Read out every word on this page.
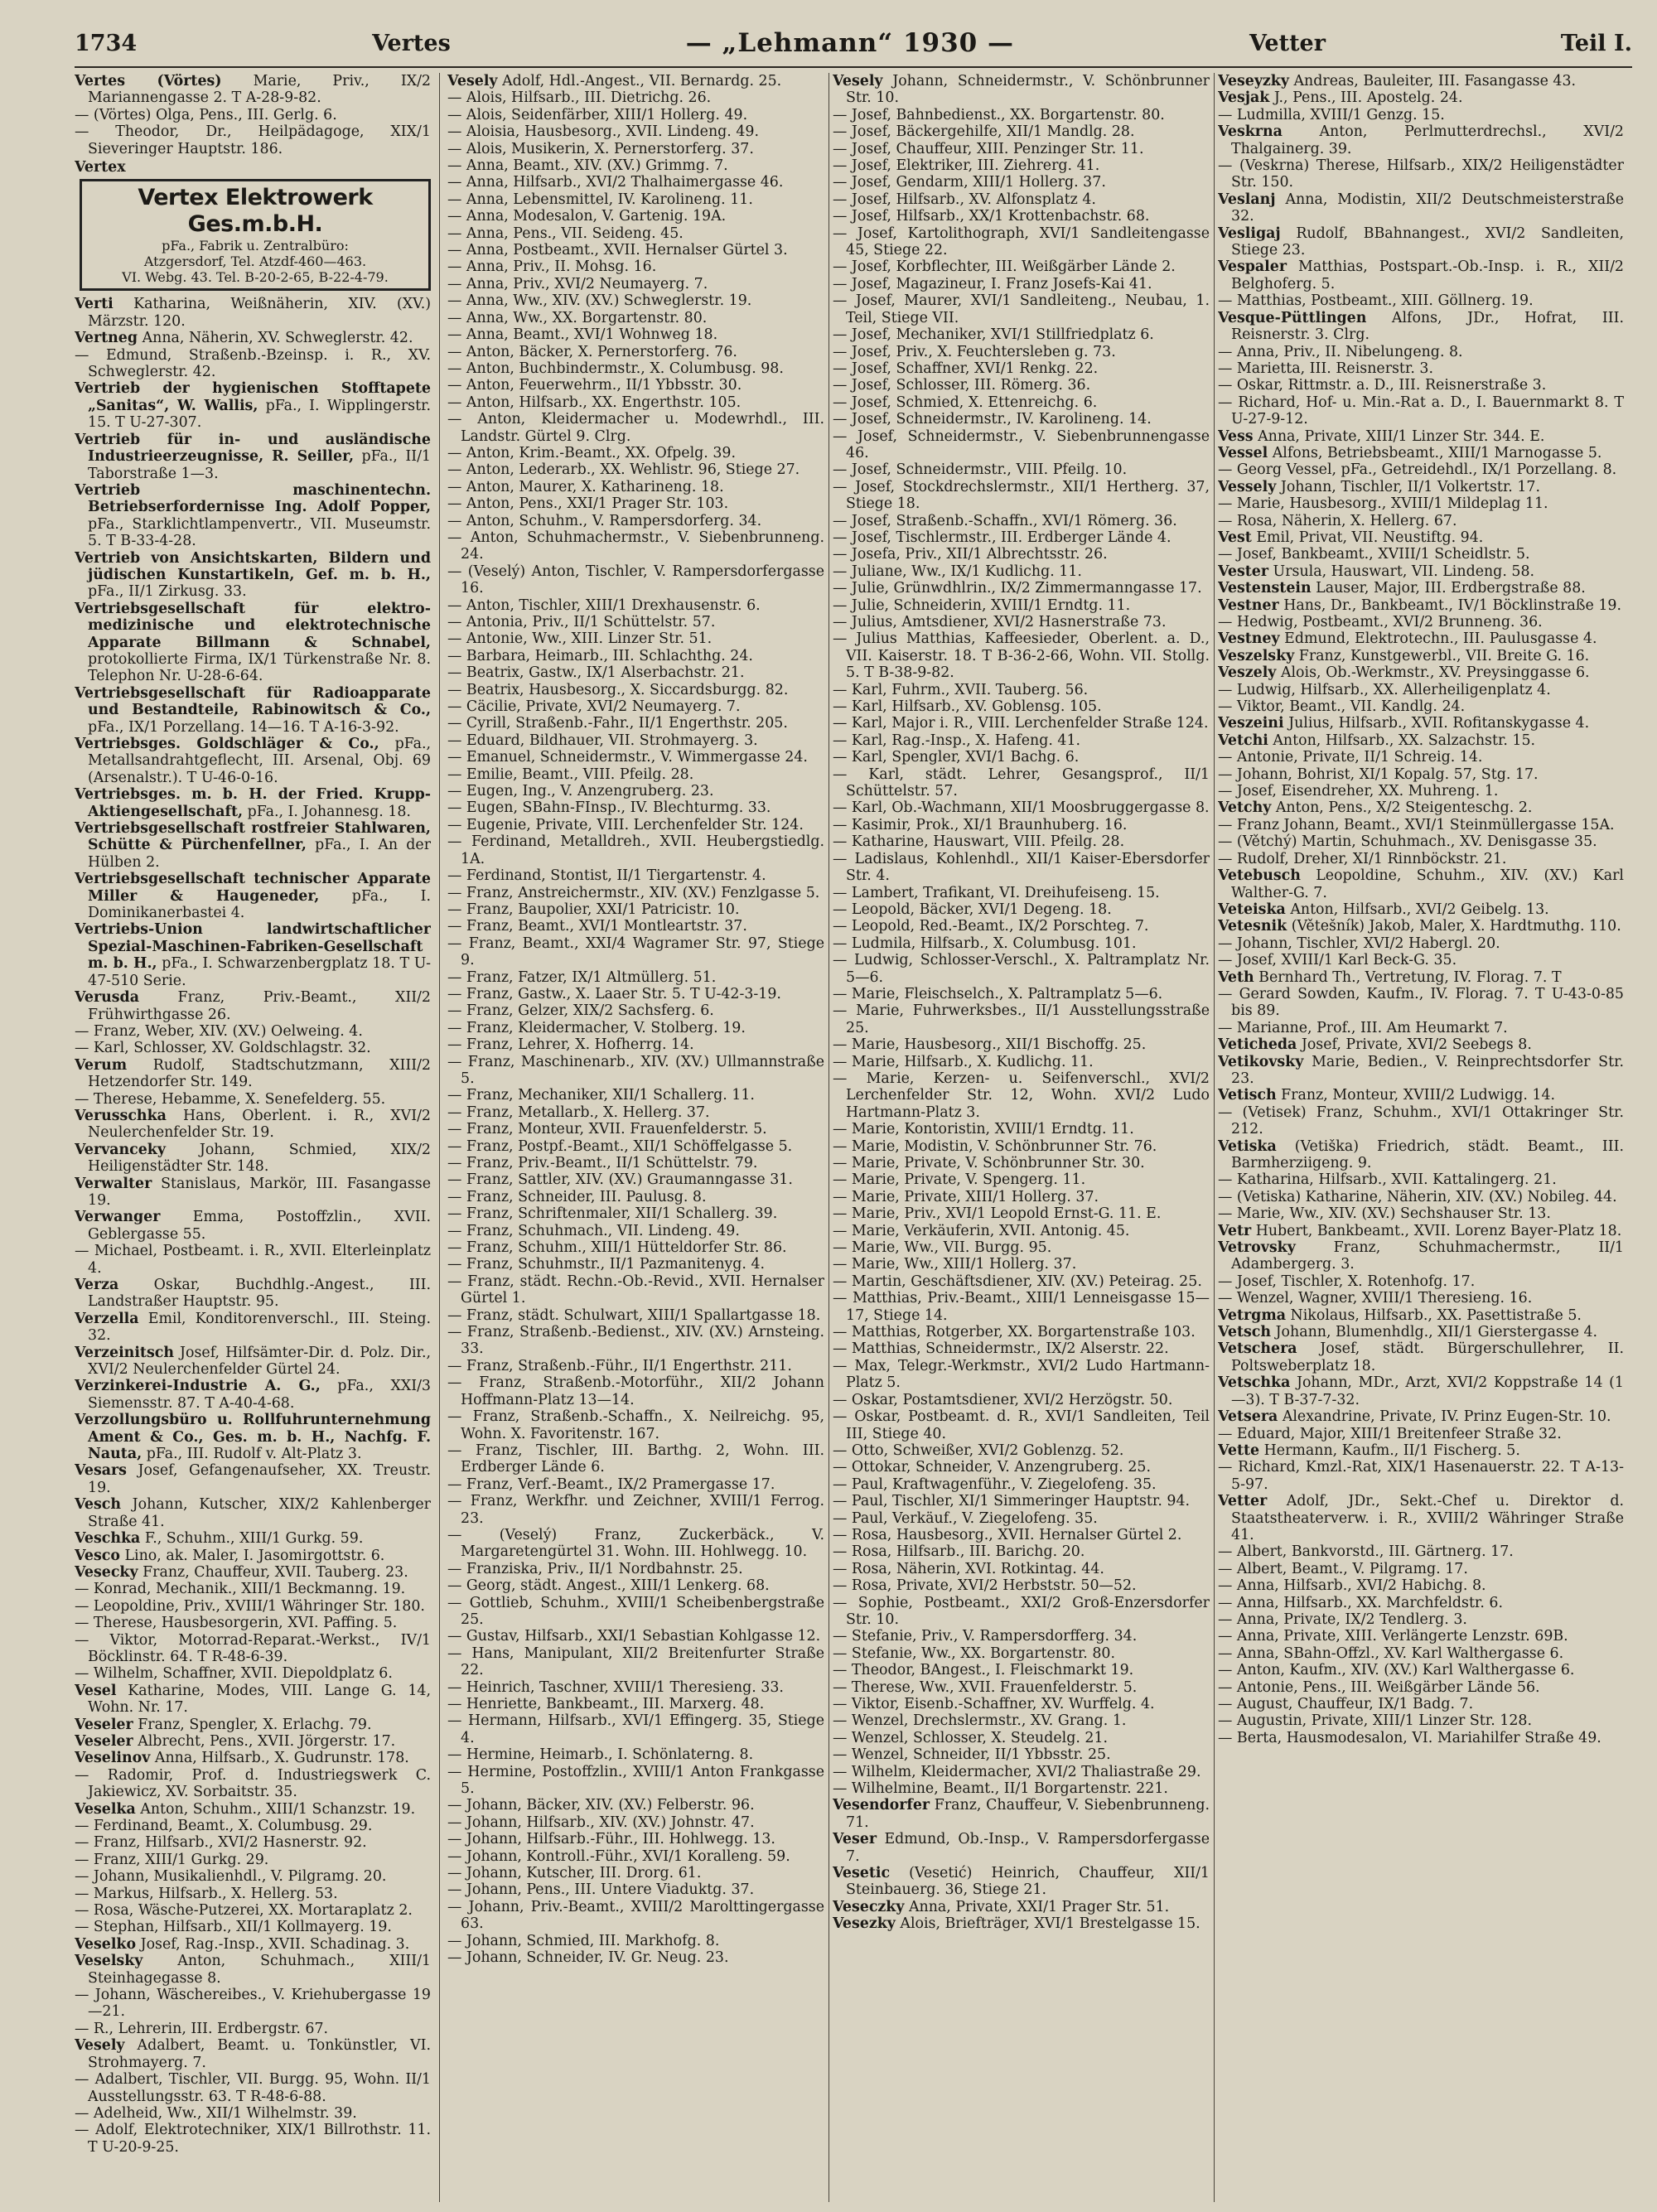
1734	Vertes	— „Lehmann“ 1930 —	Vetter	Teil I.

Vertes (Vörtes) Marie, Priv., IX/2 Mariannengasse 2. T A-28-9-82.

— (Vörtes) Olga, Pens., III. Gerlg. 6.

— Theodor, Dr., Heilpädagoge, XIX/1 Sieveringer Hauptstr. 186.

Vertex
Vertex Elektrowerk Ges.m.b.H.
pFa., Fabrik u. Zentralbüro:
Atzgersdorf, Tel. Atzdf-460—463.
VI. Webg. 43. Tel. B-20-2-65, B-22-4-79.

Verti Katharina, Weißnäherin, XIV. (XV.) Märzstr. 120.

Vertneg Anna, Näherin, XV. Schweglerstr. 42.

— Edmund, Straßenb.-Bzeinsp. i. R., XV. Schweglerstr. 42.

Vertrieb der hygienischen Stofftapete „Sanitas“, W. Wallis, pFa., I. Wipplingerstr. 15. T U-27-307.

Vertrieb für in- und ausländische Industrieerzeugnisse, R. Seiller, pFa., II/1 Taborstraße 1—3.

Vertrieb maschinentechn. Betriebserfordernisse Ing. Adolf Popper, pFa., Starklichtlampenvertr., VII. Museumstr. 5. T B-33-4-28.

Vertrieb von Ansichtskarten, Bildern und jüdischen Kunstartikeln, Gef. m. b. H., pFa., II/1 Zirkusg. 33.

Vertriebsgesellschaft für elektro-medizinische und elektrotechnische Apparate Billmann & Schnabel, protokollierte Firma, IX/1 Türkenstraße Nr. 8. Telephon Nr. U-28-6-64.

Vertriebsgesellschaft für Radioapparate und Bestandteile, Rabinowitsch & Co., pFa., IX/1 Porzellang. 14—16. T A-16-3-92.

Vertriebsges. Goldschläger & Co., pFa., Metallsandrahtgeflecht, III. Arsenal, Obj. 69 (Arsenalstr.). T U-46-0-16.

Vertriebsges. m. b. H. der Fried. Krupp-Aktiengesellschaft, pFa., I. Johannesg. 18.

Vertriebsgesellschaft rostfreier Stahlwaren, Schütte & Pürchenfellner, pFa., I. An der Hülben 2.

Vertriebsgesellschaft technischer Apparate Miller & Haugeneder, pFa., I. Dominikanerbastei 4.

Vertriebs-Union landwirtschaftlicher Spezial-Maschinen-Fabriken-Gesellschaft m. b. H., pFa., I. Schwarzenbergplatz 18. T U-47-510 Serie.

Verusda	Franz, Priv.-Beamt., XII/2 Frühwirthgasse 26.

— Franz, Weber, XIV. (XV.) Oelweing. 4.

— Karl, Schlosser, XV. Goldschlagstr. 32.

Verum Rudolf, Stadtschutzmann, XIII/2 Hetzendorfer Str. 149.

— Therese, Hebamme, X. Senefelderg. 55.

Verusschka Hans, Oberlent. i. R., XVI/2 Neulerchenfelder Str. 19.

Vervanceky Johann, Schmied, XIX/2 Heiligenstädter Str. 148.

Verwalter Stanislaus, Markör, III. Fasangasse 19.

Verwanger Emma, Postoffzlin., XVII. Geblergasse 55.

— Michael, Postbeamt. i. R., XVII. Elterleinplatz 4.

Verza Oskar, Buchdhlg.-Angest., III. Landstraßer Hauptstr. 95.

Verzella Emil, Konditorenverschl., III. Steing. 32.

Verzeinitsch Josef, Hilfsämter-Dir. d. Polz. Dir., XVI/2 Neulerchenfelder Gürtel 24.

Verzinkerei-Industrie A. G., pFa., XXI/3 Siemensstr. 87. T A-40-4-68.

Verzollungsbüro u. Rollfuhrunternehmung Ament & Co., Ges. m. b. H., Nachfg. F. Nauta, pFa., III. Rudolf v. Alt-Platz 3.

Vesars Josef, Gefangenaufseher, XX. Treustr. 19.

Vesch Johann, Kutscher, XIX/2 Kahlenberger Straße 41.

Veschka F., Schuhm., XIII/1 Gurkg. 59.

Vesco Lino, ak. Maler, I. Jasomirgottstr. 6.

Vesecky Franz, Chauffeur, XVII. Tauberg. 23.

— Konrad, Mechanik., XIII/1 Beckmanng. 19.

— Leopoldine, Priv., XVIII/1 Währinger Str. 180.

— Therese, Hausbesorgerin, XVI. Paffing. 5.

— Viktor, Motorrad-Reparat.-Werkst., IV/1 Böcklinstr. 64. T R-48-6-39.

— Wilhelm, Schaffner, XVII. Diepoldplatz 6.

Vesel Katharine, Modes, VIII. Lange G. 14, Wohn. Nr. 17.

Veseler Franz, Spengler, X. Erlachg. 79.

Veseler Albrecht, Pens., XVII. Jörgerstr. 17.

Veselinov Anna, Hilfsarb., X. Gudrunstr. 178.

— Radomir, Prof. d. Industriegswerk C. Jakiewicz, XV. Sorbaitstr. 35.

Veselka Anton, Schuhm., XIII/1 Schanzstr. 19.

— Ferdinand, Beamt., X. Columbusg. 29.

— Franz, Hilfsarb., XVI/2 Hasnerstr. 92.

— Franz, XIII/1 Gurkg. 29.

— Johann, Musikalienhdl., V. Pilgramg. 20.

— Markus, Hilfsarb., X. Hellerg. 53.

— Rosa, Wäsche-Putzerei, XX. Mortaraplatz 2.

— Stephan, Hilfsarb., XII/1 Kollmayerg. 19.

Veselko Josef, Rag.-Insp., XVII. Schadinag. 3.

Veselsky Anton, Schuhmach., XIII/1 Steinhagegasse 8.

— Johann, Wäschereibes., V. Kriehubergasse 19—21.

— R., Lehrerin, III. Erdbergstr. 67.

Vesely Adalbert, Beamt. u. Tonkünstler, VI. Strohmayerg. 7.

— Adalbert, Tischler, VII. Burgg. 95, Wohn. II/1 Ausstellungsstr. 63. T R-48-6-88.

— Adelheid, Ww., XII/1 Wilhelmstr. 39.

— Adolf, Elektrotechniker, XIX/1 Billrothstr. 11. T U-20-9-25.

Vesely Adolf, Hdl.-Angest., VII. Bernardg. 25.

— Alois, Hilfsarb., III. Dietrichg. 26.

— Alois, Seidenfärber, XIII/1 Hollerg. 49.

— Aloisia, Hausbesorg., XVII. Lindeng. 49.

— Alois, Musikerin, X. Pernerstorferg. 37.

— Anna, Beamt., XIV. (XV.) Grimmg. 7.

— Anna, Hilfsarb., XVI/2 Thalhaimergasse 46.

— Anna, Lebensmittel, IV. Karolineng. 11.

— Anna, Modesalon, V. Gartenig. 19A.

— Anna, Pens., VII. Seideng. 45.

— Anna, Postbeamt., XVII. Hernalser Gürtel 3.

— Anna, Priv., II. Mohsg. 16.

— Anna, Priv., XVI/2 Neumayerg. 7.

— Anna, Ww., XIV. (XV.) Schweglerstr. 19.

— Anna, Ww., XX. Borgartenstr. 80.

— Anna, Beamt., XVI/1 Wohnweg 18.

— Anton, Bäcker, X. Pernerstorferg. 76.

— Anton, Buchbindermstr., X. Columbusg. 98.

— Anton, Feuerwehrm., II/1 Ybbsstr. 30.

— Anton, Hilfsarb., XX. Engerthstr. 105.

— Anton, Kleidermacher u. Modewrhdl., III. Landstr. Gürtel 9. Clrg.

— Anton, Krim.-Beamt., XX. Ofpelg. 39.

— Anton, Lederarb., XX. Wehlistr. 96, Stiege 27.

— Anton, Maurer, X. Katharineng. 18.

— Anton, Pens., XXI/1 Prager Str. 103.

— Anton, Schuhm., V. Rampersdorferg. 34.

— Anton, Schuhmachermstr., V. Siebenbrunneng. 24.

— (Veselý) Anton, Tischler, V. Rampersdorfergasse 16.

— Anton, Tischler, XIII/1 Drexhausenstr. 6.

— Antonia, Priv., II/1 Schüttelstr. 57.

— Antonie, Ww., XIII. Linzer Str. 51.

— Barbara, Heimarb., III. Schlachthg. 24.

— Beatrix, Gastw., IX/1 Alserbachstr. 21.

— Beatrix, Hausbesorg., X. Siccardsburgg. 82.

— Cäcilie, Private, XVI/2 Neumayerg. 7.

— Cyrill, Straßenb.-Fahr., II/1 Engerthstr. 205.

— Eduard, Bildhauer, VII. Strohmayerg. 3.

— Emanuel, Schneidermstr., V. Wimmergasse 24.

— Emilie, Beamt., VIII. Pfeilg. 28.

— Eugen, Ing., V. Anzengruberg. 23.

— Eugen, SBahn-FInsp., IV. Blechturmg. 33.

— Eugenie, Private, VIII. Lerchenfelder Str. 124.

— Ferdinand, Metalldreh., XVII. Heubergstiedlg. 1A.

— Ferdinand, Stontist, II/1 Tiergartenstr. 4.

— Franz, Anstreichermstr., XIV. (XV.) Fenzlgasse 5.

— Franz, Baupolier, XXI/1 Patricistr. 10.

— Franz, Beamt., XVI/1 Montleartstr. 37.

— Franz, Beamt., XXI/4 Wagramer Str. 97, Stiege 9.

— Franz, Fatzer, IX/1 Altmüllerg. 51.

— Franz, Gastw., X. Laaer Str. 5. T U-42-3-19.

— Franz, Gelzer, XIX/2 Sachsferg. 6.

— Franz, Kleidermacher, V. Stolberg. 19.

— Franz, Lehrer, X. Hofherrg. 14.

— Franz, Maschinenarb., XIV. (XV.) Ullmannstraße 5.

— Franz, Mechaniker, XII/1 Schallerg. 11.

— Franz, Metallarb., X. Hellerg. 37.

— Franz, Monteur, XVII. Frauenfelderstr. 5.

— Franz, Postpf.-Beamt., XII/1 Schöffelgasse 5.

— Franz, Priv.-Beamt., II/1 Schüttelstr. 79.

— Franz, Sattler, XIV. (XV.) Graumanngasse 31.

— Franz, Schneider, III. Paulusg. 8.

— Franz, Schriftenmaler, XII/1 Schallerg. 39.

— Franz, Schuhmach., VII. Lindeng. 49.

— Franz, Schuhm., XIII/1 Hütteldorfer Str. 86.

— Franz, Schuhmstr., II/1 Pazmanitenyg. 4.

— Franz, städt. Rechn.-Ob.-Revid., XVII. Hernalser Gürtel 1.

— Franz, städt. Schulwart, XIII/1 Spallartgasse 18.

— Franz, Straßenb.-Bedienst., XIV. (XV.) Arnsteing. 33.

— Franz, Straßenb.-Führ., II/1 Engerthstr. 211.

— Franz, Straßenb.-Motorführ., XII/2 Johann Hoffmann-Platz 13—14.

— Franz, Straßenb.-Schaffn., X. Neilreichg. 95, Wohn. X. Favoritenstr. 167.

— Franz, Tischler, III. Barthg. 2, Wohn. III. Erdberger Lände 6.

— Franz, Verf.-Beamt., IX/2 Pramergasse 17.

— Franz, Werkfhr. und Zeichner, XVIII/1 Ferrog. 23.

— (Veselý) Franz, Zuckerbäck., V. Margaretengürtel 31. Wohn. III. Hohlwegg. 10.

— Franziska, Priv., II/1 Nordbahnstr. 25.

— Georg, städt. Angest., XIII/1 Lenkerg. 68.

— Gottlieb, Schuhm., XVIII/1 Scheibenbergstraße 25.

— Gustav, Hilfsarb., XXI/1 Sebastian Kohlgasse 12.

— Hans, Manipulant, XII/2 Breitenfurter Straße 22.

— Heinrich, Taschner, XVIII/1 Theresieng. 33.

— Henriette, Bankbeamt., III. Marxerg. 48.

— Hermann, Hilfsarb., XVI/1 Effingerg. 35, Stiege 4.

— Hermine, Heimarb., I. Schönlaterng. 8.

— Hermine, Postoffzlin., XVIII/1 Anton Frankgasse 5.

— Johann, Bäcker, XIV. (XV.) Felberstr. 96.

— Johann, Hilfsarb., XIV. (XV.) Johnstr. 47.

— Johann, Hilfsarb.-Führ., III. Hohlwegg. 13.

— Johann, Kontroll.-Führ., XVI/1 Koralleng. 59.

— Johann, Kutscher, III. Drorg. 61.

— Johann, Pens., III. Untere Viaduktg. 37.

— Johann, Priv.-Beamt., XVIII/2 Marolttingergasse 63.

— Johann, Schmied, III. Markhofg. 8.

— Johann, Schneider, IV. Gr. Neug. 23.

Vesely Johann, Schneidermstr., V. Schönbrunner Str. 10.

— Josef, Bahnbedienst., XX. Borgartenstr. 80.

— Josef, Bäckergehilfe, XII/1 Mandlg. 28.

— Josef, Chauffeur, XIII. Penzinger Str. 11.

— Josef, Elektriker, III. Ziehrerg. 41.

— Josef, Gendarm, XIII/1 Hollerg. 37.

— Josef, Hilfsarb., XV. Alfonsplatz 4.

— Josef, Hilfsarb., XX/1 Krottenbachstr. 68.

— Josef, Kartolithograph, XVI/1 Sandleitengasse 45, Stiege 22.

— Josef, Korbflechter, III. Weißgärber Lände 2.

— Josef, Magazineur, I. Franz Josefs-Kai 41.

— Josef, Maurer, XVI/1 Sandleiteng., Neubau, 1. Teil, Stiege VII.

— Josef, Mechaniker, XVI/1 Stillfriedplatz 6.

— Josef, Priv., X. Feuchtersleben g. 73.

— Josef, Schaffner, XVI/1 Renkg. 22.

— Josef, Schlosser, III. Römerg. 36.

— Josef, Schmied, X. Ettenreichg. 6.

— Josef, Schneidermstr., IV. Karolineng. 14.

— Josef, Schneidermstr., V. Siebenbrunnengasse 46.

— Josef, Schneidermstr., VIII. Pfeilg. 10.

— Josef, Stockdrechslermstr., XII/1 Hertherg. 37, Stiege 18.

— Josef, Straßenb.-Schaffn., XVI/1 Römerg. 36.

— Josef, Tischlermstr., III. Erdberger Lände 4.

— Josefa, Priv., XII/1 Albrechtsstr. 26.

— Juliane, Ww., IX/1 Kudlichg. 11.

— Julie, Grünwdhlrin., IX/2 Zimmermanngasse 17.

— Julie, Schneiderin, XVIII/1 Erndtg. 11.

— Julius, Amtsdiener, XVI/2 Hasnerstraße 73.

— Julius Matthias, Kaffeesieder, Oberlent. a. D., VII. Kaiserstr. 18. T B-36-2-66, Wohn. VII. Stollg. 5. T B-38-9-82.

— Karl, Fuhrm., XVII. Tauberg. 56.

— Karl, Hilfsarb., XV. Goblensg. 105.

— Karl, Major i. R., VIII. Lerchenfelder Straße 124.

— Karl, Rag.-Insp., X. Hafeng. 41.

— Karl, Spengler, XVI/1 Bachg. 6.

— Karl, städt. Lehrer, Gesangsprof., II/1 Schüttelstr. 57.

— Karl, Ob.-Wachmann, XII/1 Moosbruggergasse 8.

— Kasimir, Prok., XI/1 Braunhuberg. 16.

— Katharine, Hauswart, VIII. Pfeilg. 28.

— Ladislaus, Kohlenhdl., XII/1 Kaiser-Ebersdorfer Str. 4.

— Lambert, Trafikant, VI. Dreihufeiseng. 15.

— Leopold, Bäcker, XVI/1 Degeng. 18.

— Leopold, Red.-Beamt., IX/2 Porschteg. 7.

— Ludmila, Hilfsarb., X. Columbusg. 101.

— Ludwig, Schlosser-Verschl., X. Paltramplatz Nr. 5—6.

— Marie, Fleischselch., X. Paltramplatz 5—6.

— Marie, Fuhrwerksbes., II/1 Ausstellungsstraße 25.

— Marie, Hausbesorg., XII/1 Bischoffg. 25.

— Marie, Hilfsarb., X. Kudlichg. 11.

— Marie, Kerzen- u. Seifenverschl., XVI/2 Lerchenfelder Str. 12, Wohn. XVI/2 Ludo Hartmann-Platz 3.

— Marie, Kontoristin, XVIII/1 Erndtg. 11.

— Marie, Modistin, V. Schönbrunner Str. 76.

— Marie, Private, V. Schönbrunner Str. 30.

— Marie, Private, V. Spengerg. 11.

— Marie, Private, XIII/1 Hollerg. 37.

— Marie, Priv., XVI/1 Leopold Ernst-G. 11. E.

— Marie, Verkäuferin, XVII. Antonig. 45.

— Marie, Ww., VII. Burgg. 95.

— Marie, Ww., XIII/1 Hollerg. 37.

— Martin, Geschäftsdiener, XIV. (XV.) Peteirag. 25.

— Matthias, Priv.-Beamt., XIII/1 Lenneisgasse 15—17, Stiege 14.

— Matthias, Rotgerber, XX. Borgartenstraße 103.

— Matthias, Schneidermstr., IX/2 Alserstr. 22.

— Max, Telegr.-Werkmstr., XVI/2 Ludo Hartmann-Platz 5.

— Oskar, Postamtsdiener, XVI/2 Herzögstr. 50.

— Oskar, Postbeamt. d. R., XVI/1 Sandleiten, Teil III, Stiege 40.

— Otto, Schweißer, XVI/2 Goblenzg. 52.

— Ottokar, Schneider, V. Anzengruberg. 25.

— Paul, Kraftwagenführ., V. Ziegelofeng. 35.

— Paul, Tischler, XI/1 Simmeringer Hauptstr. 94.

— Paul, Verkäuf., V. Ziegelofeng. 35.

— Rosa, Hausbesorg., XVII. Hernalser Gürtel 2.

— Rosa, Hilfsarb., III. Barichg. 20.

— Rosa, Näherin, XVI. Rotkintag. 44.

— Rosa, Private, XVI/2 Herbststr. 50—52.

— Sophie, Postbeamt., XXI/2 Groß-Enzersdorfer Str. 10.

— Stefanie, Priv., V. Rampersdorfferg. 34.

— Stefanie, Ww., XX. Borgartenstr. 80.

— Theodor, BAngest., I. Fleischmarkt 19.

— Therese, Ww., XVII. Frauenfelderstr. 5.

— Viktor, Eisenb.-Schaffner, XV. Wurffelg. 4.

— Wenzel, Drechslermstr., XV. Grang. 1.

— Wenzel, Schlosser, X. Steudelg. 21.

— Wenzel, Schneider, II/1 Ybbsstr. 25.

— Wilhelm, Kleidermacher, XVI/2 Thaliastraße 29.

— Wilhelmine, Beamt., II/1 Borgartenstr. 221.

Vesendorfer Franz, Chauffeur, V. Siebenbrunneng. 71.

Veser Edmund, Ob.-Insp., V. Rampersdorfergasse 7.

Vesetic (Vesetić) Heinrich, Chauffeur, XII/1 Steinbauerg. 36, Stiege 21.

Veseczky Anna, Private, XXI/1 Prager Str. 51.

Vesezky Alois, Briefträger, XVI/1 Brestelgasse 15.

Veseyzky Andreas, Bauleiter, III. Fasangasse 43.

Vesjak J., Pens., III. Apostelg. 24.

— Ludmilla, XVIII/1 Genzg. 15.

Veskrna	Anton, Perlmutterdrechsl., XVI/2 Thalgainerg. 39.

— (Veskrna) Therese, Hilfsarb., XIX/2 Heiligenstädter Str. 150.

Veslanj Anna, Modistin, XII/2 Deutschmeisterstraße 32.

Vesligaj Rudolf, BBahnangest., XVI/2 Sandleiten, Stiege 23.

Vespaler Matthias, Postspart.-Ob.-Insp. i. R., XII/2 Belghoferg. 5.

— Matthias, Postbeamt., XIII. Göllnerg. 19.

Vesque-Püttlingen Alfons, JDr., Hofrat, III. Reisnerstr. 3. Clrg.

— Anna, Priv., II. Nibelungeng. 8.

— Marietta, III. Reisnerstr. 3.

— Oskar, Rittmstr. a. D., III. Reisnerstraße 3.

— Richard, Hof- u. Min.-Rat a. D., I. Bauernmarkt 8. T U-27-9-12.

Vess Anna, Private, XIII/1 Linzer Str. 344. E.

Vessel Alfons, Betriebsbeamt., XIII/1 Marnogasse 5.

— Georg Vessel, pFa., Getreidehdl., IX/1 Porzellang. 8.

Vessely Johann, Tischler, II/1 Volkertstr. 17.

— Marie, Hausbesorg., XVIII/1 Mildeplag 11.

— Rosa, Näherin, X. Hellerg. 67.

Vest Emil, Privat, VII. Neustiftg. 94.

— Josef, Bankbeamt., XVIII/1 Scheidlstr. 5.

Vester Ursula, Hauswart, VII. Lindeng. 58.

Vestenstein Lauser, Major, III. Erdbergstraße 88.

Vestner Hans, Dr., Bankbeamt., IV/1 Böcklinstraße 19.

— Hedwig, Postbeamt., XVI/2 Brunneng. 36.

Vestney Edmund, Elektrotechn., III. Paulusgasse 4.

Veszelsky Franz, Kunstgewerbl., VII. Breite G. 16.

Veszely Alois, Ob.-Werkmstr., XV. Preysinggasse 6.

— Ludwig, Hilfsarb., XX. Allerheiligenplatz 4.

— Viktor, Beamt., VII. Kandlg. 24.

Veszeini Julius, Hilfsarb., XVII. Rofitanskygasse 4.

Vetchi Anton, Hilfsarb., XX. Salzachstr. 15.

— Antonie, Private, II/1 Schreig. 14.

— Johann, Bohrist, XI/1 Kopalg. 57, Stg. 17.

— Josef, Eisendreher, XX. Muhreng. 1.

Vetchy Anton, Pens., X/2 Steigenteschg. 2.

— Franz Johann, Beamt., XVI/1 Steinmüllergasse 15A.

— (Větchý) Martin, Schuhmach., XV. Denisgasse 35.

— Rudolf, Dreher, XI/1 Rinnböckstr. 21.

Vetebusch Leopoldine, Schuhm., XIV. (XV.) Karl Walther-G. 7.

Veteiska Anton, Hilfsarb., XVI/2 Geibelg. 13.

Vetesnik (Větešník) Jakob, Maler, X. Hardtmuthg. 110.

— Johann, Tischler, XVI/2 Habergl. 20.

— Josef, XVIII/1 Karl Beck-G. 35.

Veth Bernhard Th., Vertretung, IV. Florag. 7. T

— Gerard Sowden, Kaufm., IV. Florag. 7. T U-43-0-85 bis 89.

— Marianne, Prof., III. Am Heumarkt 7.

Veticheda Josef, Private, XVI/2 Seebegs 8.

Vetikovsky Marie, Bedien., V. Reinprechtsdorfer Str. 23.

Vetisch Franz, Monteur, XVIII/2 Ludwigg. 14.

— (Vetisek) Franz, Schuhm., XVI/1 Ottakringer Str. 212.

Vetiska (Vetiška) Friedrich, städt. Beamt., III. Barmherziigeng. 9.

— Katharina, Hilfsarb., XVII. Kattalingerg. 21.

— (Vetiska) Katharine, Näherin, XIV. (XV.) Nobileg. 44.

— Marie, Ww., XIV. (XV.) Sechshauser Str. 13.

Vetr Hubert, Bankbeamt., XVII. Lorenz Bayer-Platz 18.

Vetrovsky	Franz, Schuhmachermstr., II/1 Adambergerg. 3.

— Josef, Tischler, X. Rotenhofg. 17.

— Wenzel, Wagner, XVIII/1 Theresieng. 16.

Vetrgma Nikolaus, Hilfsarb., XX. Pasettistraße 5.

Vetsch Johann, Blumenhdlg., XII/1 Gierstergasse 4.

Vetschera Josef, städt. Bürgerschullehrer, II. Poltsweberplatz 18.

Vetschka Johann, MDr., Arzt, XVI/2 Koppstraße 14 (1—3). T B-37-7-32.

Vetsera Alexandrine, Private, IV. Prinz Eugen-Str. 10.

— Eduard, Major, XIII/1 Breitenfeer Straße 32.

Vette Hermann, Kaufm., II/1 Fischerg. 5.

— Richard, Kmzl.-Rat, XIX/1 Hasenauerstr. 22. T A-13-5-97.

Vetter Adolf, JDr., Sekt.-Chef u. Direktor d. Staatstheaterverw. i. R., XVIII/2 Währinger Straße 41.

— Albert, Bankvorstd., III. Gärtnerg. 17.

— Albert, Beamt., V. Pilgramg. 17.

— Anna, Hilfsarb., XVI/2 Habichg. 8.

— Anna, Hilfsarb., XX. Marchfeldstr. 6.

— Anna, Private, IX/2 Tendlerg. 3.

— Anna, Private, XIII. Verlängerte Lenzstr. 69B.

— Anna, SBahn-Offzl., XV. Karl Walthergasse 6.

— Anton, Kaufm., XIV. (XV.) Karl Walthergasse 6.

— Antonie, Pens., III. Weißgärber Lände 56.

— August, Chauffeur, IX/1 Badg. 7.

— Augustin, Private, XIII/1 Linzer Str. 128.

— Berta, Hausmodesalon, VI. Mariahilfer Straße 49.
